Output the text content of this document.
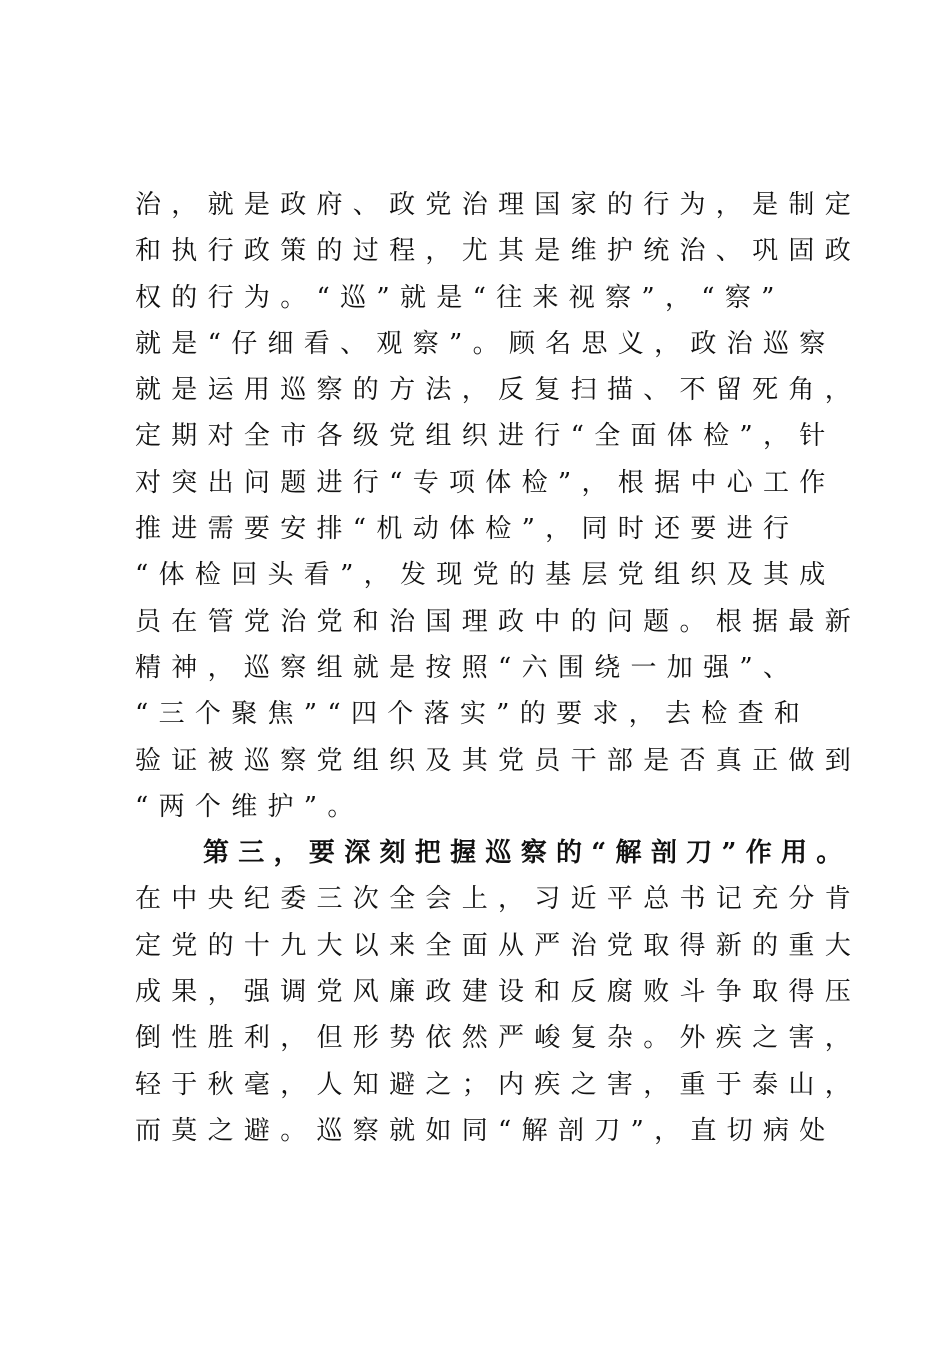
治，就是政府、政党治理国家的行为，是制定
和执行政策的过程，尤其是维护统治、巩固政
权的行为。“巡”就是“往来视察”，“察”
就是“仔细看、观察”。顾名思义，政治巡察
就是运用巡察的方法，反复扫描、不留死角，
定期对全市各级党组织进行“全面体检”，针
对突出问题进行“专项体检”，根据中心工作
推进需要安排“机动体检”，同时还要进行
“体检回头看”，发现党的基层党组织及其成
员在管党治党和治国理政中的问题。根据最新
精神，巡察组就是按照“六围绕一加强”、
“三个聚焦”“四个落实”的要求，去检查和
验证被巡察党组织及其党员干部是否真正做到
“两个维护”。
第三，要深刻把握巡察的“解剖刀”作用。
在中央纪委三次全会上，习近平总书记充分肯
定党的十九大以来全面从严治党取得新的重大
成果，强调党风廉政建设和反腐败斗争取得压
倒性胜利，但形势依然严峻复杂。外疾之害，
轻于秋毫，人知避之；内疾之害，重于泰山，
而莫之避。巡察就如同“解剖刀”，直切病处
